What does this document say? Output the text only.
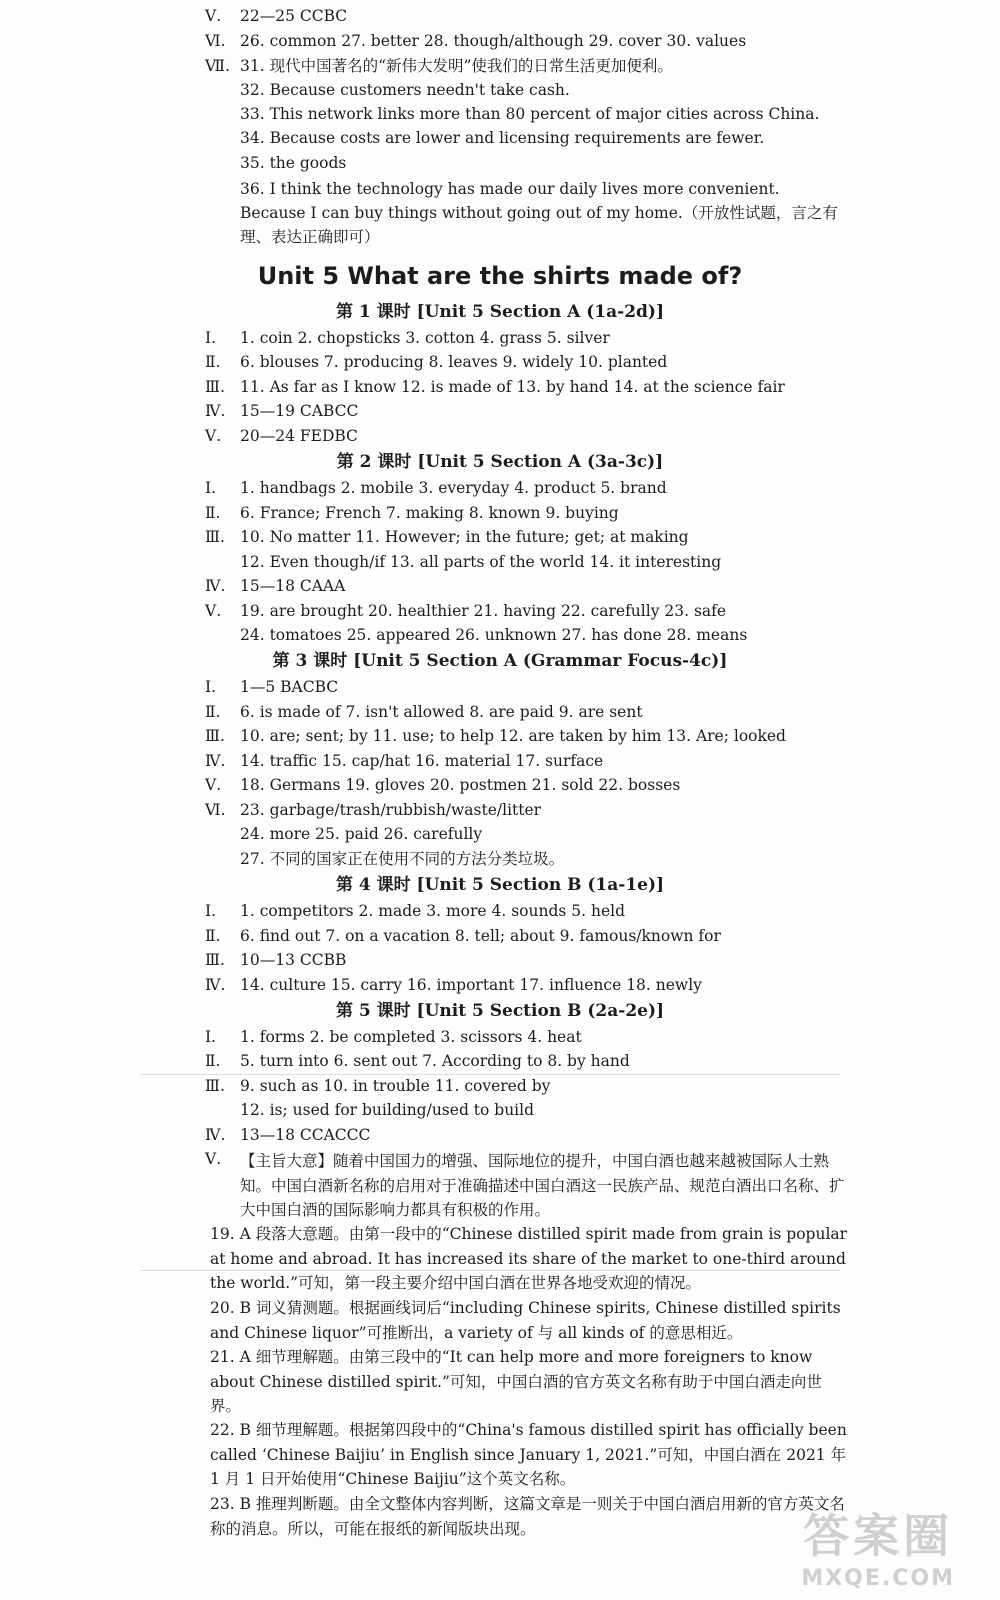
Ⅴ.	22—25 CCBC
Ⅵ. 26. common 27. better 28. though/although 29. cover 30. values
Ⅶ. 31. 现代中国著名的“新伟大发明”使我们的日常生活更加便利。
32. Because customers needn't take cash.
33. This network links more than 80 percent of major cities across China.
34. Because costs are lower and licensing requirements are fewer.
35. the goods
36. I think the technology has made our daily lives more convenient. Because I can buy things without going out of my home.（开放性试题，言之有理、表达正确即可）
Unit 5 What are the shirts made of?
第 1 课时 [Unit 5 Section A (1a-2d)]
Ⅰ.	1. coin 2. chopsticks 3. cotton 4. grass 5. silver
Ⅱ.	6. blouses 7. producing 8. leaves 9. widely 10. planted
Ⅲ. 11. As far as I know 12. is made of 13. by hand 14. at the science fair
Ⅳ. 15—19 CABCC
Ⅴ.	20—24 FEDBC
第 2 课时 [Unit 5 Section A (3a-3c)]
Ⅰ.	1. handbags 2. mobile 3. everyday 4. product 5. brand
Ⅱ.	6. France; French 7. making 8. known 9. buying
Ⅲ. 10. No matter 11. However; in the future; get; at making
12. Even though/if 13. all parts of the world 14. it interesting
Ⅳ. 15—18 CAAA
Ⅴ.	19. are brought 20. healthier 21. having 22. carefully 23. safe
24. tomatoes 25. appeared 26. unknown 27. has done 28. means
第 3 课时 [Unit 5 Section A (Grammar Focus-4c)]
Ⅰ.	1—5 BACBC
Ⅱ.	6. is made of 7. isn't allowed 8. are paid 9. are sent
Ⅲ. 10. are; sent; by 11. use; to help 12. are taken by him 13. Are; looked
Ⅳ. 14. traffic 15. cap/hat 16. material 17. surface
Ⅴ.	18. Germans 19. gloves 20. postmen 21. sold 22. bosses
Ⅵ. 23. garbage/trash/rubbish/waste/litter
24. more 25. paid 26. carefully
27. 不同的国家正在使用不同的方法分类垃圾。
第 4 课时 [Unit 5 Section B (1a-1e)]
Ⅰ.	1. competitors 2. made 3. more 4. sounds 5. held
Ⅱ.	6. find out 7. on a vacation 8. tell; about 9. famous/known for
Ⅲ. 10—13 CCBB
Ⅳ. 14. culture 15. carry 16. important 17. influence 18. newly
第 5 课时 [Unit 5 Section B (2a-2e)]
Ⅰ.	1. forms 2. be completed 3. scissors 4. heat
Ⅱ.	5. turn into 6. sent out 7. According to 8. by hand
Ⅲ. 9. such as 10. in trouble 11. covered by
12. is; used for building/used to build
Ⅳ. 13—18 CCACCC
Ⅴ.	【主旨大意】随着中国国力的增强、国际地位的提升，中国白酒也越来越被国际人士熟知。中国白酒新名称的启用对于准确描述中国白酒这一民族产品、规范白酒出口名称、扩大中国白酒的国际影响力都具有积极的作用。
19. A 段落大意题。由第一段中的“Chinese distilled spirit made from grain is popular at home and abroad. It has increased its share of the market to one-third around the world.”可知，第一段主要介绍中国白酒在世界各地受欢迎的情况。
20. B 词义猜测题。根据画线词后“including Chinese spirits, Chinese distilled spirits and Chinese liquor”可推断出，a variety of 与 all kinds of 的意思相近。
21. A 细节理解题。由第三段中的“It can help more and more foreigners to know about Chinese distilled spirit.”可知，中国白酒的官方英文名称有助于中国白酒走向世界。
22. B 细节理解题。根据第四段中的“China's famous distilled spirit has officially been called ‘Chinese Baijiu’ in English since January 1, 2021.”可知，中国白酒在 2021 年 1 月 1 日开始使用“Chinese Baijiu”这个英文名称。
23. B 推理判断题。由全文整体内容判断，这篇文章是一则关于中国白酒启用新的官方英文名称的消息。所以，可能在报纸的新闻版块出现。	答案圈
MXQE.COM
